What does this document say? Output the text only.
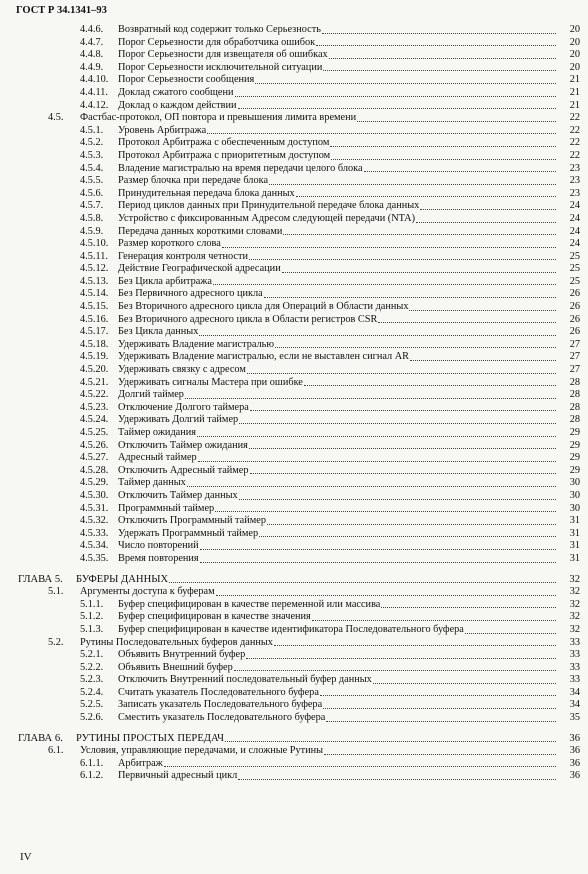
ГОСТ Р 34.1341–93
4.4.6. Возвратный код содержит только Серьезность	20
4.4.7. Порог Серьезности для обработчика ошибок	20
4.4.8. Порог Серьезности для извещателя об ошибках	20
4.4.9. Порог Серьезности исключительной ситуации	20
4.4.10. Порог Серьезности сообщения	21
4.4.11. Доклад сжатого сообщени	21
4.4.12. Доклад о каждом действии	21
4.5. Фастбас-протокол, ОП повтора и превышения лимита времени	22
4.5.1. Уровень Арбитража	22
4.5.2. Протокол Арбитража с обеспеченным доступом	22
4.5.3. Протокол Арбитража с приоритетным доступом	22
4.5.4. Владение магистралью на время передачи целого блока	23
4.5.5. Размер блочка при передаче блока	23
4.5.6. Принудительная передача блока данных	23
4.5.7. Период циклов данных при Принудительной передаче блока данных	24
4.5.8. Устройство с фиксированным Адресом следующей передачи (NTA)	24
4.5.9. Передача данных короткими словами	24
4.5.10. Размер короткого слова	24
4.5.11. Генерация контроля четности	25
4.5.12. Действие Географической адресации	25
4.5.13. Без Цикла арбитража	25
4.5.14. Без Первичного адресного цикла	26
4.5.15. Без Вторичного адресного цикла для Операций в Области данных	26
4.5.16. Без Вторичного адресного цикла в Области регистров CSR	26
4.5.17. Без Цикла данных	26
4.5.18. Удерживать Владение магистралью	27
4.5.19. Удерживать Владение магистралью, если не выставлен сигнал AR	27
4.5.20. Удерживать связку с адресом	27
4.5.21. Удерживать сигналы Мастера при ошибке	28
4.5.22. Долгий таймер	28
4.5.23. Отключение Долгого таймера	28
4.5.24. Удерживать Долгий таймер	28
4.5.25. Таймер ожидания	29
4.5.26. Отключить Таймер ожидания	29
4.5.27. Адресный таймер	29
4.5.28. Отключить Адресный таймер	29
4.5.29. Таймер данных	30
4.5.30. Отключить Таймер данных	30
4.5.31. Программный таймер	30
4.5.32. Отключить Программный таймер	31
4.5.33. Удержать Программный таймер	31
4.5.34. Число повторений	31
4.5.35. Время повторения	31
ГЛАВА 5. БУФЕРЫ ДАННЫХ	32
5.1. Аргументы доступа к буферам	32
5.1.1. Буфер специфицирован в качестве переменной или массива	32
5.1.2. Буфер специфицирован в качестве значения	32
5.1.3. Буфер специфицирован в качестве идентификатора Последовательного буфера	32
5.2. Рутины Последовательных буферов данных	33
5.2.1. Объявить Внутренний буфер	33
5.2.2. Объявить Внешний буфер	33
5.2.3. Отключить Внутренний последовательный буфер данных	33
5.2.4. Считать указатель Последовательного буфера	34
5.2.5. Записать указатель Последовательного буфера	34
5.2.6. Сместить указатель Последовательного буфера	35
ГЛАВА 6. РУТИНЫ ПРОСТЫХ ПЕРЕДАЧ	36
6.1. Условия, управляющие передачами, и сложные Рутины	36
6.1.1. Арбитраж	36
6.1.2. Первичный адресный цикл	36
IV
